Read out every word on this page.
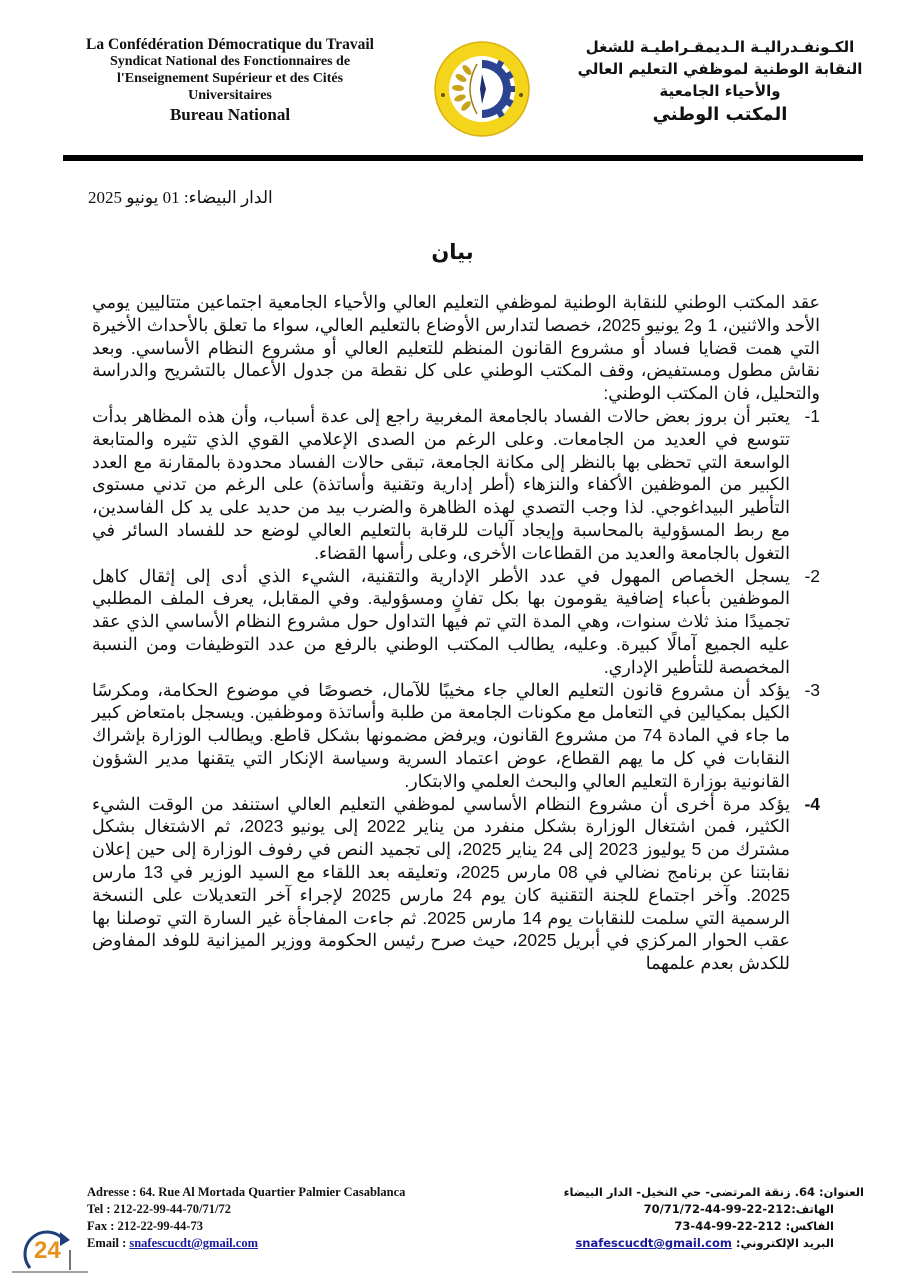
La Confédération Démocratique du Travail
Syndicat National des Fonctionnaires de
l'Enseignement Supérieur et des Cités
Universitaires
Bureau National
الكـونفـدراليـة الـديمقـراطيـة للشغل
النقابة الوطنية لموظفي التعليم العالي
والأحياء الجامعية
المكتب الوطني
الدار البيضاء: 01 يونيو 2025
بيان

عقد المكتب الوطني للنقابة الوطنية لموظفي التعليم العالي والأحياء الجامعية اجتماعين متتاليين يومي الأحد والاثنين، 1 و2 يونيو 2025، خصصا لتدارس الأوضاع بالتعليم العالي، سواء ما تعلق بالأحداث الأخيرة التي همت قضايا فساد أو مشروع القانون المنظم للتعليم العالي أو مشروع النظام الأساسي. وبعد نقاش مطول ومستفيض، وقف المكتب الوطني على كل نقطة من جدول الأعمال بالتشريح والدراسة والتحليل، فان المكتب الوطني:

1-
يعتبر أن بروز بعض حالات الفساد بالجامعة المغربية راجع إلى عدة أسباب، وأن هذه المظاهر بدأت تتوسع في العديد من الجامعات. وعلى الرغم من الصدى الإعلامي القوي الذي تثيره والمتابعة الواسعة التي تحظى بها بالنظر إلى مكانة الجامعة، تبقى حالات الفساد محدودة بالمقارنة مع العدد الكبير من الموظفين الأكفاء والنزهاء (أطر إدارية وتقنية وأساتذة) على الرغم من تدني مستوى التأطير البيداغوجي. لذا وجب التصدي لهذه الظاهرة والضرب بيد من حديد على يد كل الفاسدين، مع ربط المسؤولية بالمحاسبة وإيجاد آليات للرقابة بالتعليم العالي لوضع حد للفساد السائر في التغول بالجامعة والعديد من القطاعات الأخرى، وعلى رأسها القضاء.
2-
يسجل الخصاص المهول في عدد الأطر الإدارية والتقنية، الشيء الذي أدى إلى إثقال كاهل الموظفين بأعباء إضافية يقومون بها بكل تفانٍ ومسؤولية. وفي المقابل، يعرف الملف المطلبي تجميدًا منذ ثلاث سنوات، وهي المدة التي تم فيها التداول حول مشروع النظام الأساسي الذي عقد عليه الجميع آمالًا كبيرة. وعليه، يطالب المكتب الوطني بالرفع من عدد التوظيفات ومن النسبة المخصصة للتأطير الإداري.
3-
يؤكد أن مشروع قانون التعليم العالي جاء مخيبًا للآمال، خصوصًا في موضوع الحكامة، ومكرسًا الكيل بمكيالين في التعامل مع مكونات الجامعة من طلبة وأساتذة وموظفين. ويسجل بامتعاض كبير ما جاء في المادة 74 من مشروع القانون، ويرفض مضمونها بشكل قاطع. ويطالب الوزارة بإشراك النقابات في كل ما يهم القطاع، عوض اعتماد السرية وسياسة الإنكار التي يتقنها مدير الشؤون القانونية بوزارة التعليم العالي والبحث العلمي والابتكار.
4-
يؤكد مرة أخرى أن مشروع النظام الأساسي لموظفي التعليم العالي استنفد من الوقت الشيء الكثير، فمن اشتغال الوزارة بشكل منفرد من يناير 2022 إلى يونيو 2023، ثم الاشتغال بشكل مشترك من 5 يوليوز 2023 إلى 24 يناير 2025، إلى تجميد النص في رفوف الوزارة إلى حين إعلان نقابتنا عن برنامج نضالي في 08 مارس 2025، وتعليقه بعد اللقاء مع السيد الوزير في 13 مارس 2025. وآخر اجتماع للجنة التقنية كان يوم 24 مارس 2025 لإجراء آخر التعديلات على النسخة الرسمية التي سلمت للنقابات يوم 14 مارس 2025. ثم جاءت المفاجأة غير السارة التي توصلنا بها عقب الحوار المركزي في أبريل 2025، حيث صرح رئيس الحكومة ووزير الميزانية للوفد المفاوض للكدش بعدم علمهما
Adresse : 64. Rue Al Mortada Quartier Palmier Casablanca
Tel : 212-22-99-44-70/71/72
Fax : 212-22-99-44-73
Email : snafescucdt@gmail.com
العنوان: 64. زنقة المرتضى- حي النخيل- الدار البيضاء
الهاتف:212-22-99-44-70/71/72
الفاكس: 212-22-99-44-73
البريد الإلكتروني: snafescucdt@gmail.com
24
